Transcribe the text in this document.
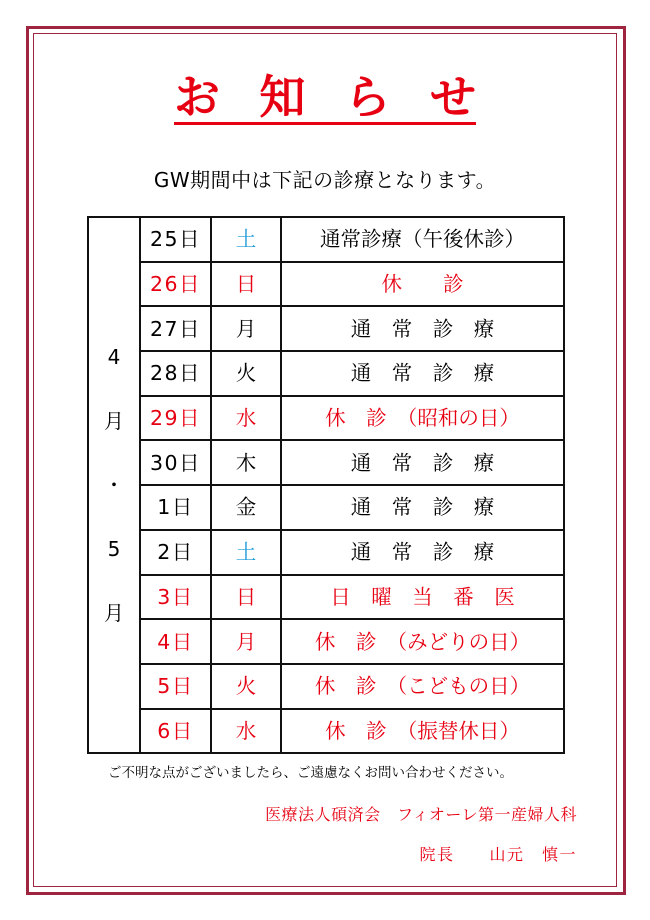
お 知 ら せ
GW期間中は下記の診療となります。
4
月
・
5
月	25日	土	通常診療（午後休診）
	26日	日	休　　診
	27日	月	通　常　診　療
	28日	火	通　常　診　療
	29日	水	休　診　（昭和の日）
	30日	木	通　常　診　療
	1日	金	通　常　診　療
	2日	土	通　常　診　療
	3日	日	日　曜　当　番　医
	4日	月	休　診　（みどりの日）
	5日	火	休　診　（こどもの日）
	6日	水	休　診　（振替休日）
ご不明な点がございましたら、ご遠慮なくお問い合わせください。
医療法人碩済会　フィオーレ第一産婦人科
院長　　山元　慎一
